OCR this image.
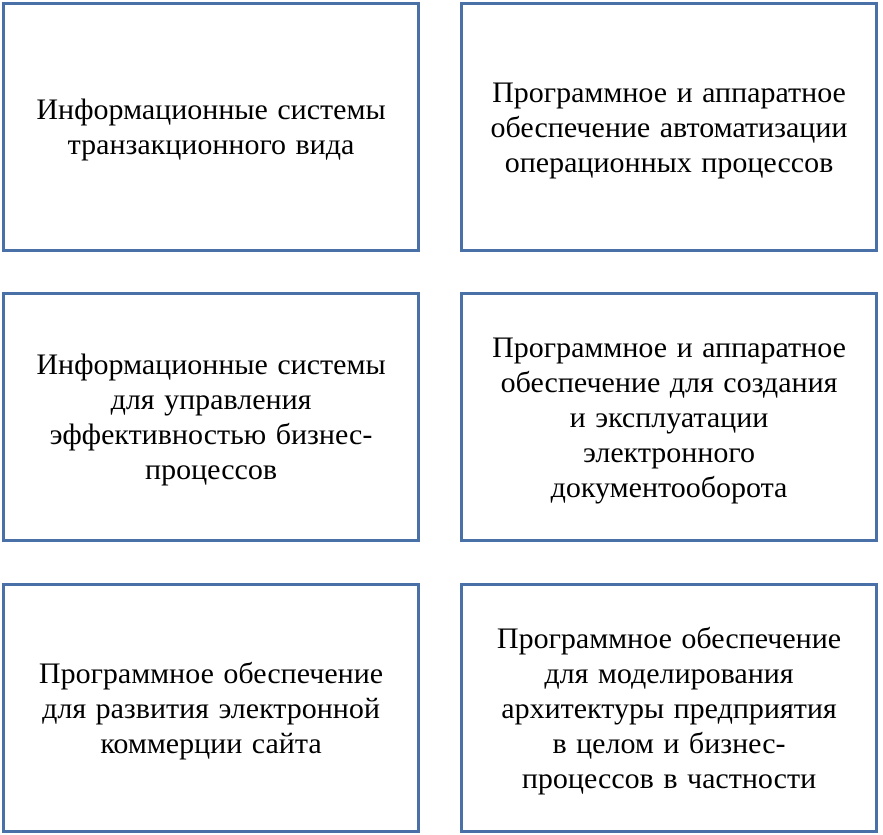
Информационные системы
транзакционного вида
Программное и аппаратное
обеспечение автоматизации
операционных процессов
Информационные системы
для управления
эффективностью бизнес-
процессов
Программное и аппаратное
обеспечение для создания
и эксплуатации
электронного
документооборота
Программное обеспечение
для развития электронной
коммерции сайта
Программное обеспечение
для моделирования
архитектуры предприятия
в целом и бизнес-
процессов в частности
